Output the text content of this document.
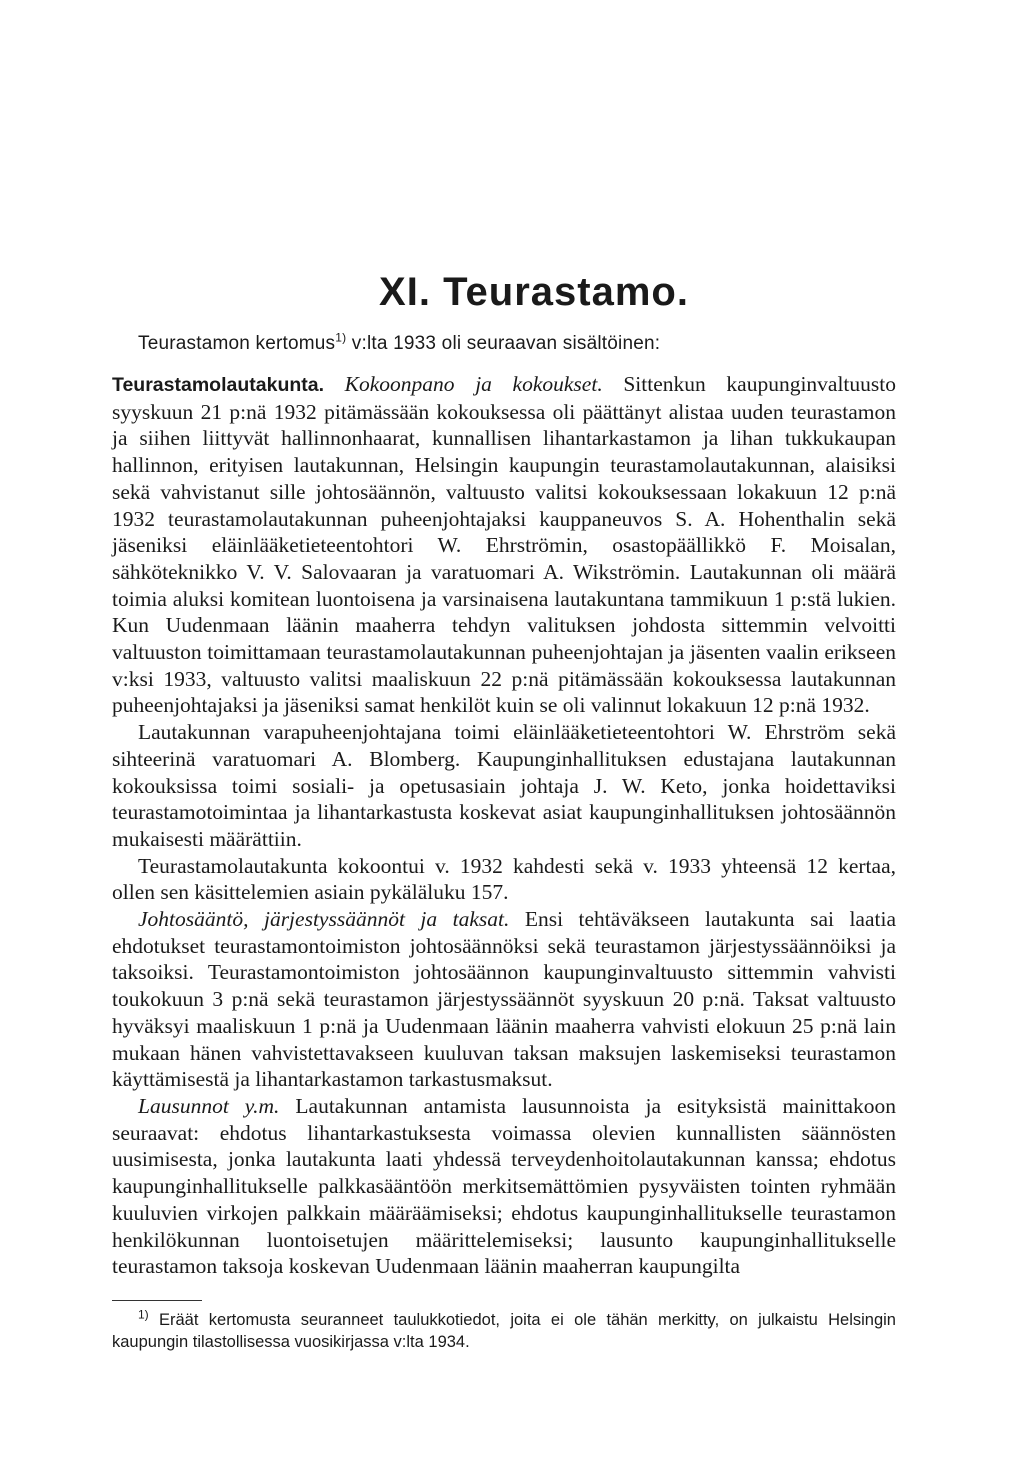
XI. Teurastamo.
Teurastamon kertomus$^{1)}$ v:lta 1933 oli seuraavan sisältöinen:

Teurastamolautakunta. Kokoonpano ja kokoukset. Sittenkun kaupunginvaltuusto syyskuun 21 p:nä 1932 pitämässään kokouksessa oli päättänyt alistaa uuden teurastamon ja siihen liittyvät hallinnonhaarat, kunnallisen lihantarkastamon ja lihan tukkukaupan hallinnon, erityisen lautakunnan, Helsingin kaupungin teurastamolautakunnan, alaisiksi sekä vahvistanut sille johtosäännön, valtuusto valitsi kokouksessaan lokakuun 12 p:nä 1932 teurastamolautakunnan puheenjohtajaksi kauppaneuvos S. A. Hohenthalin sekä jäseniksi eläinlääketieteentohtori W. Ehrströmin, osastopäällikkö F. Moisalan, sähköteknikko V. V. Salovaaran ja varatuomari A. Wikströmin. Lautakunnan oli määrä toimia aluksi komitean luontoisena ja varsinaisena lautakuntana tammikuun 1 p:stä lukien. Kun Uudenmaan läänin maaherra tehdyn valituksen johdosta sittemmin velvoitti valtuuston toimittamaan teurastamolautakunnan puheenjohtajan ja jäsenten vaalin erikseen v:ksi 1933, valtuusto valitsi maaliskuun 22 p:nä pitämässään kokouksessa lautakunnan puheenjohtajaksi ja jäseniksi samat henkilöt kuin se oli valinnut lokakuun 12 p:nä 1932.

Lautakunnan varapuheenjohtajana toimi eläinlääketieteentohtori W. Ehrström sekä sihteerinä varatuomari A. Blomberg. Kaupunginhallituksen edustajana lautakunnan kokouksissa toimi sosiali- ja opetusasiain johtaja J. W. Keto, jonka hoidettaviksi teurastamotoimintaa ja lihantarkastusta koskevat asiat kaupunginhallituksen johtosäännön mukaisesti määrättiin.

Teurastamolautakunta kokoontui v. 1932 kahdesti sekä v. 1933 yhteensä 12 kertaa, ollen sen käsittelemien asiain pykäläluku 157.

Johtosääntö, järjestyssäännöt ja taksat. Ensi tehtäväkseen lautakunta sai laatia ehdotukset teurastamontoimiston johtosäännöksi sekä teurastamon järjestyssäännöiksi ja taksoiksi. Teurastamontoimiston johtosäännon kaupunginvaltuusto sittemmin vahvisti toukokuun 3 p:nä sekä teurastamon järjestyssäännöt syyskuun 20 p:nä. Taksat valtuusto hyväksyi maaliskuun 1 p:nä ja Uudenmaan läänin maaherra vahvisti elokuun 25 p:nä lain mukaan hänen vahvistettavakseen kuuluvan taksan maksujen laskemiseksi teurastamon käyttämisestä ja lihantarkastamon tarkastusmaksut.

Lausunnot y.m. Lautakunnan antamista lausunnoista ja esityksistä mainittakoon seuraavat: ehdotus lihantarkastuksesta voimassa olevien kunnallisten säännösten uusimisesta, jonka lautakunta laati yhdessä terveydenhoitolautakunnan kanssa; ehdotus kaupunginhallitukselle palkkasääntöön merkitsemättömien pysyväisten tointen ryhmään kuuluvien virkojen palkkain määräämiseksi; ehdotus kaupunginhallitukselle teurastamon henkilökunnan luontoisetujen määrittelemiseksi; lausunto kaupunginhallitukselle teurastamon taksoja koskevan Uudenmaan läänin maaherran kaupungilta

$^{1)}$ Eräät kertomusta seuranneet taulukkotiedot, joita ei ole tähän merkitty, on julkaistu Helsingin kaupungin tilastollisessa vuosikirjassa v:lta 1934.
